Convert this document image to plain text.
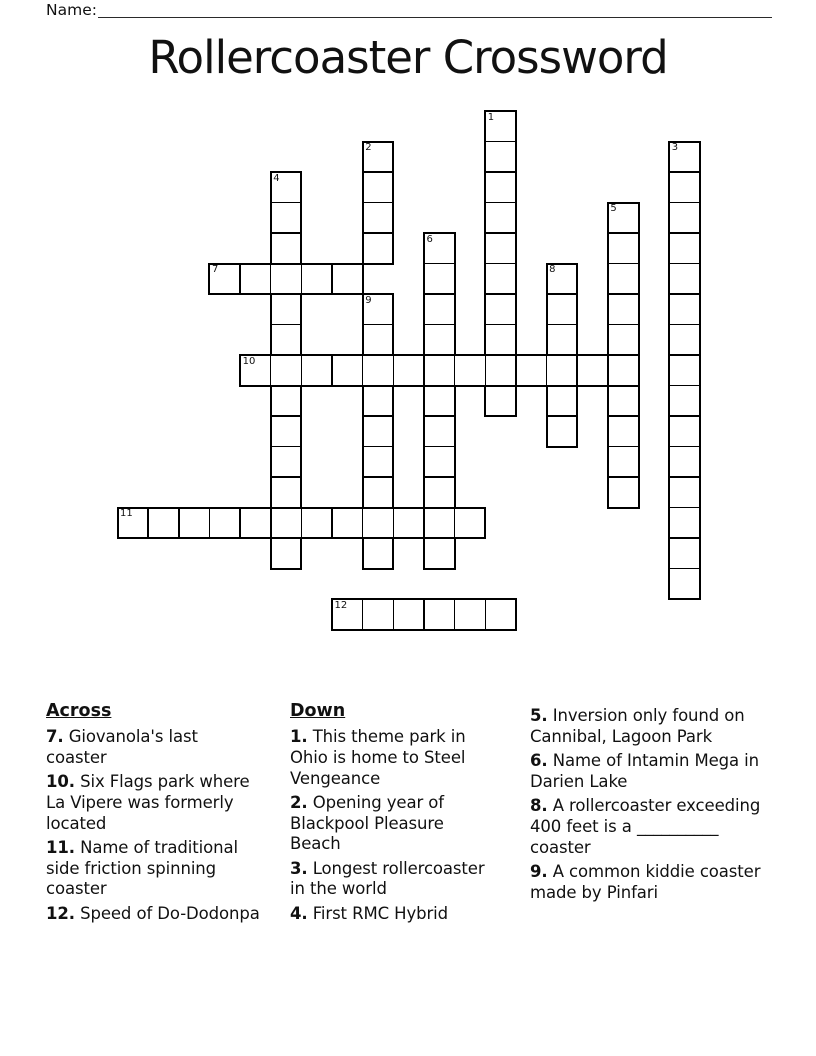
Name:
Rollercoaster Crossword
1
2	3
4
5
6
7	8
9
10
11
12
Across

7. Giovanola's last coaster

10. Six Flags park where La Vipere was formerly located

11. Name of traditional side friction spinning coaster

12. Speed of Do-Dodonpa

Down

1. This theme park in Ohio is home to Steel Vengeance

2. Opening year of Blackpool Pleasure Beach

3. Longest rollercoaster in the world

4. First RMC Hybrid

5. Inversion only found on Cannibal, Lagoon Park

6. Name of Intamin Mega in Darien Lake

8. A rollercoaster exceeding 400 feet is a __________ coaster

9. A common kiddie coaster made by Pinfari
